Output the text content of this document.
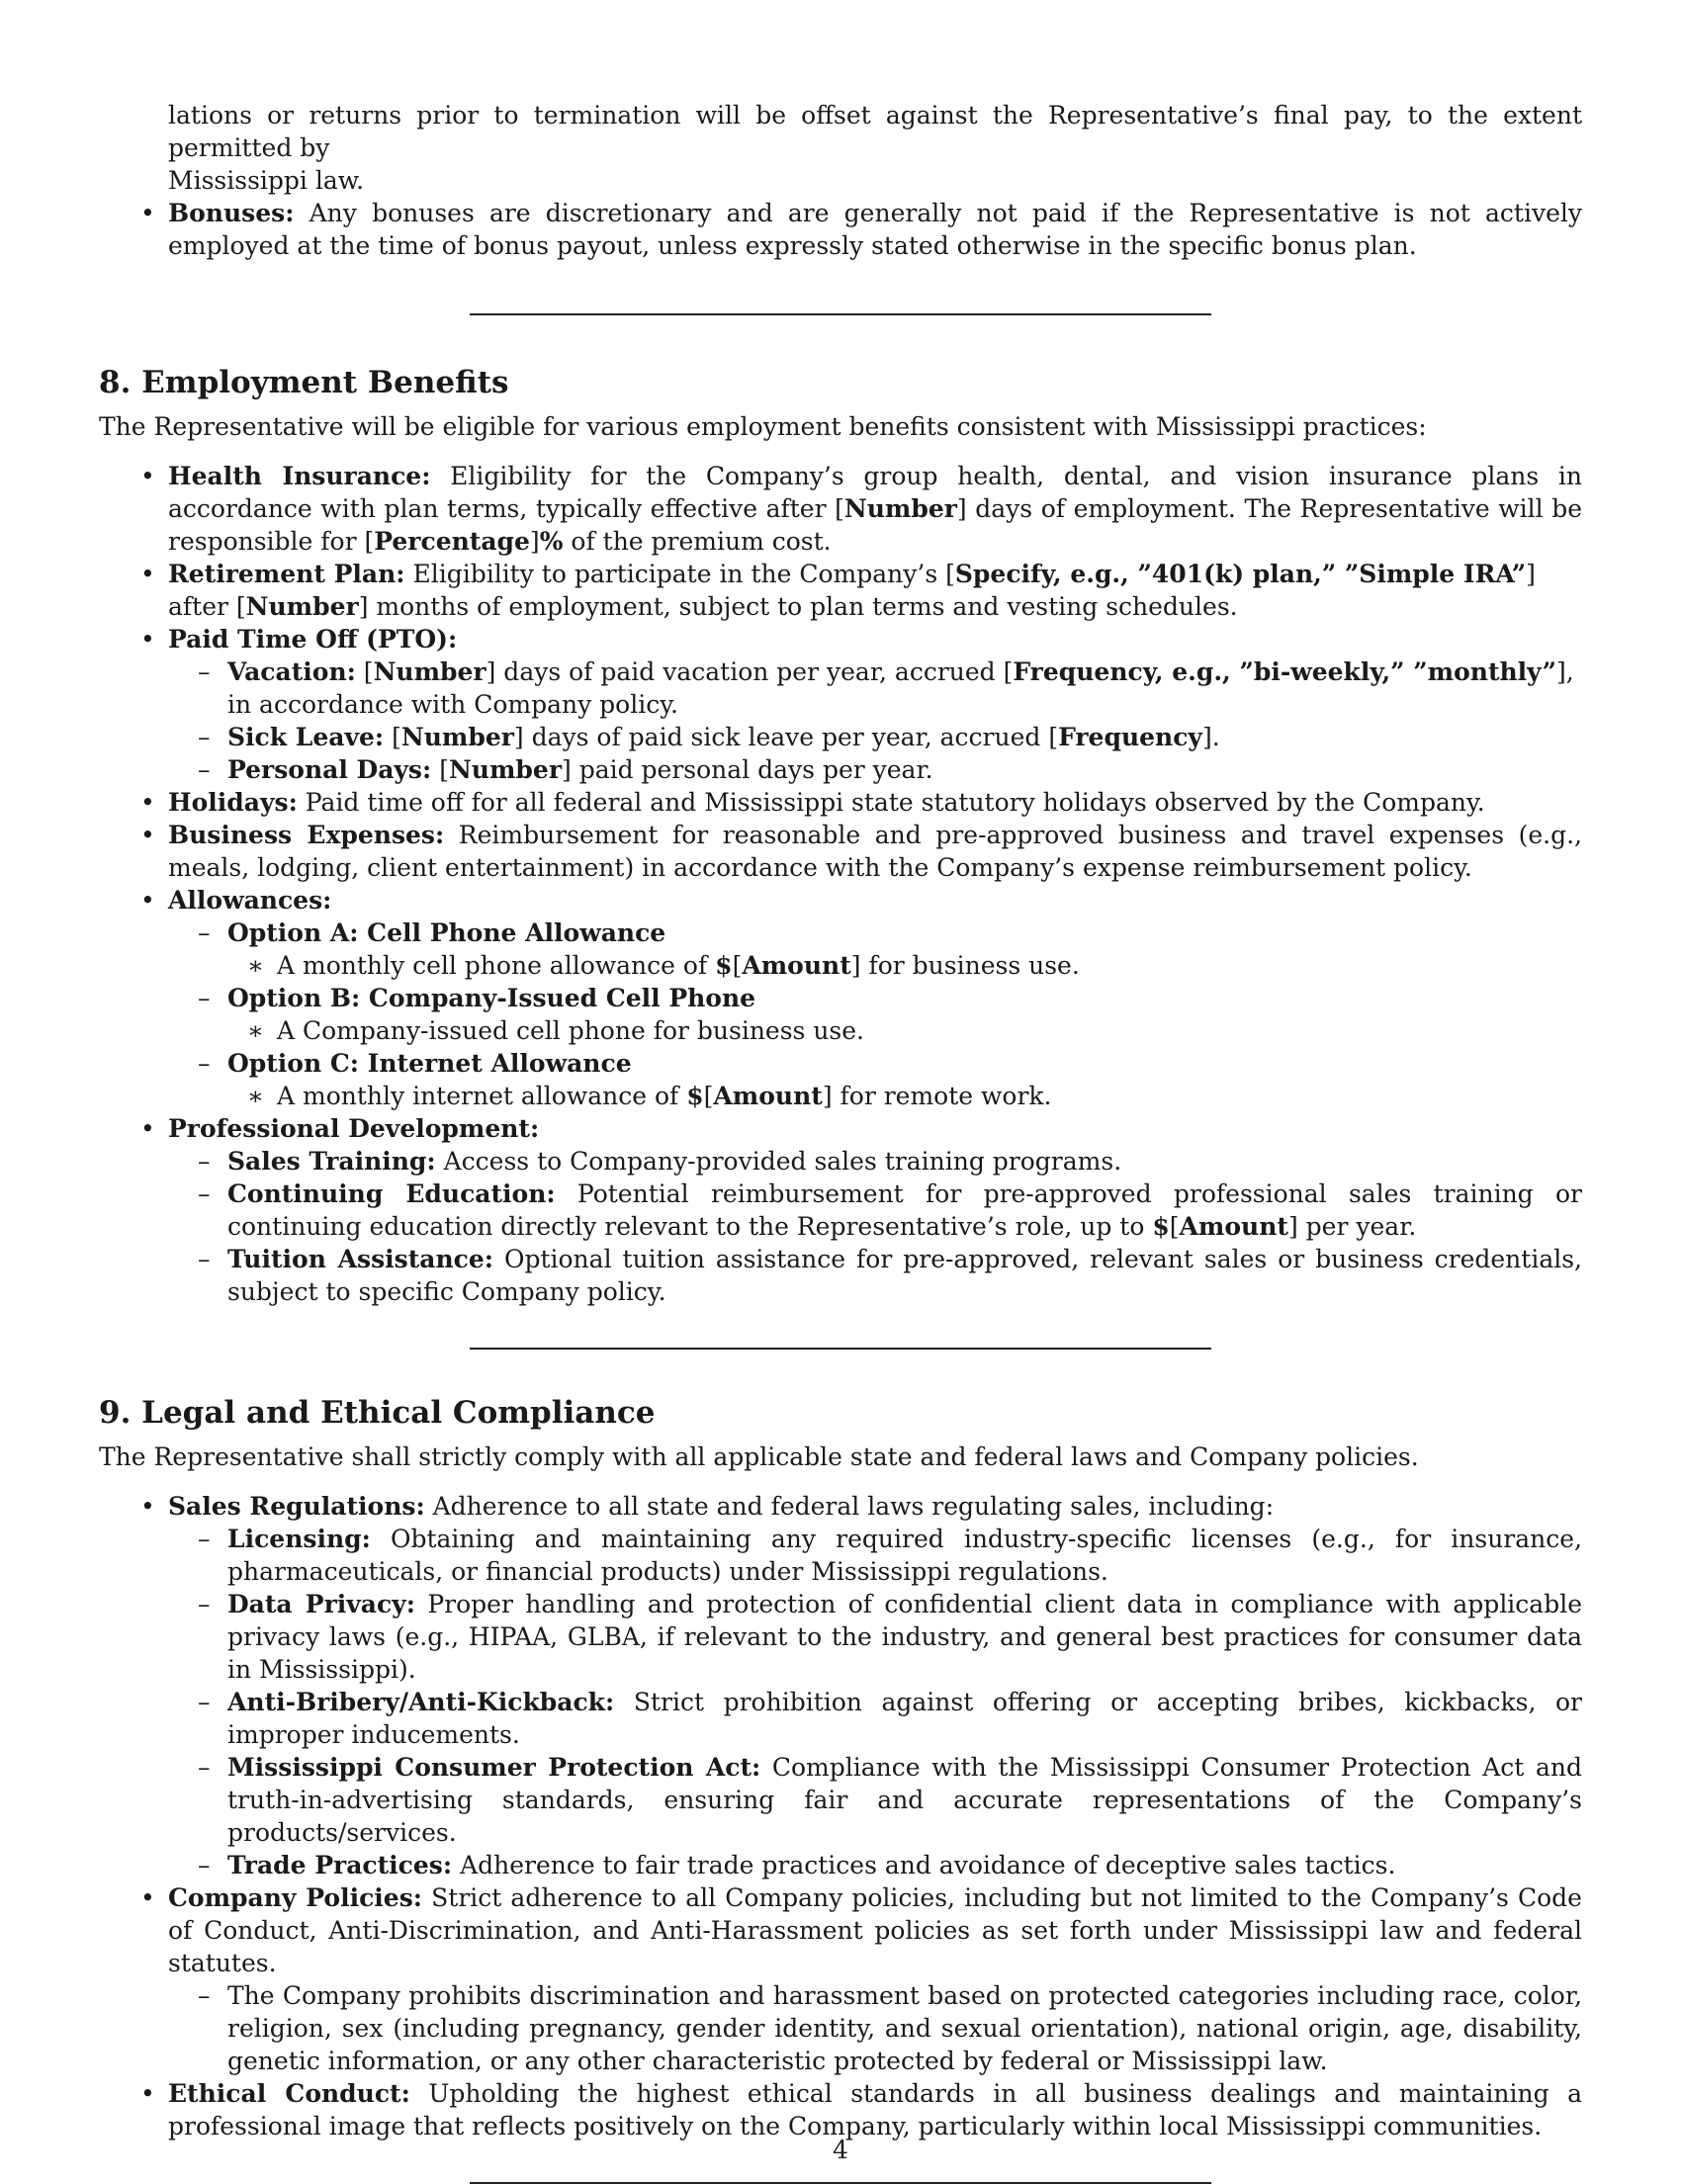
lations or returns prior to termination will be offset against the Representative’s final pay, to the extent permitted by

Mississippi law.

• Bonuses: Any bonuses are discretionary and are generally not paid if the Representative is not actively employed at the time of bonus payout, unless expressly stated otherwise in the specific bonus plan.
8. Employment Benefits

The Representative will be eligible for various employment benefits consistent with Mississippi practices:

• Health Insurance: Eligibility for the Company’s group health, dental, and vision insurance plans in accordance with plan terms, typically effective after [Number] days of employment. The Representative will be responsible for [Percentage]% of the premium cost.
• Retirement Plan: Eligibility to participate in the Company’s [Specify, e.g., ”401(k) plan,” ”Simple IRA”] after [Number] months of employment, subject to plan terms and vesting schedules.
• Paid Time Off (PTO):
– Vacation: [Number] days of paid vacation per year, accrued [Frequency, e.g., ”bi-weekly,” ”monthly”], in accordance with Company policy.
– Sick Leave: [Number] days of paid sick leave per year, accrued [Frequency].
– Personal Days: [Number] paid personal days per year.
• Holidays: Paid time off for all federal and Mississippi state statutory holidays observed by the Company.
• Business Expenses: Reimbursement for reasonable and pre-approved business and travel expenses (e.g., meals, lodging, client entertainment) in accordance with the Company’s expense reimbursement policy.
• Allowances:
– Option A: Cell Phone Allowance
∗ A monthly cell phone allowance of $[Amount] for business use.
– Option B: Company-Issued Cell Phone
∗ A Company-issued cell phone for business use.
– Option C: Internet Allowance
∗ A monthly internet allowance of $[Amount] for remote work.
• Professional Development:
– Sales Training: Access to Company-provided sales training programs.
– Continuing Education: Potential reimbursement for pre-approved professional sales training or continuing education directly relevant to the Representative’s role, up to $[Amount] per year.
– Tuition Assistance: Optional tuition assistance for pre-approved, relevant sales or business credentials, subject to specific Company policy.
9. Legal and Ethical Compliance

The Representative shall strictly comply with all applicable state and federal laws and Company policies.

• Sales Regulations: Adherence to all state and federal laws regulating sales, including:
– Licensing: Obtaining and maintaining any required industry-specific licenses (e.g., for insurance, pharmaceuticals, or financial products) under Mississippi regulations.
– Data Privacy: Proper handling and protection of confidential client data in compliance with applicable privacy laws (e.g., HIPAA, GLBA, if relevant to the industry, and general best practices for consumer data in Mississippi).
– Anti-Bribery/Anti-Kickback: Strict prohibition against offering or accepting bribes, kickbacks, or improper inducements.
– Mississippi Consumer Protection Act: Compliance with the Mississippi Consumer Protection Act and truth-in-advertising standards, ensuring fair and accurate representations of the Company’s products/services.
– Trade Practices: Adherence to fair trade practices and avoidance of deceptive sales tactics.
• Company Policies: Strict adherence to all Company policies, including but not limited to the Company’s Code of Conduct, Anti-Discrimination, and Anti-Harassment policies as set forth under Mississippi law and federal statutes.
– The Company prohibits discrimination and harassment based on protected categories including race, color, religion, sex (including pregnancy, gender identity, and sexual orientation), national origin, age, disability, genetic information, or any other characteristic protected by federal or Mississippi law.
• Ethical Conduct: Upholding the highest ethical standards in all business dealings and maintaining a professional image that reflects positively on the Company, particularly within local Mississippi communities.
4
